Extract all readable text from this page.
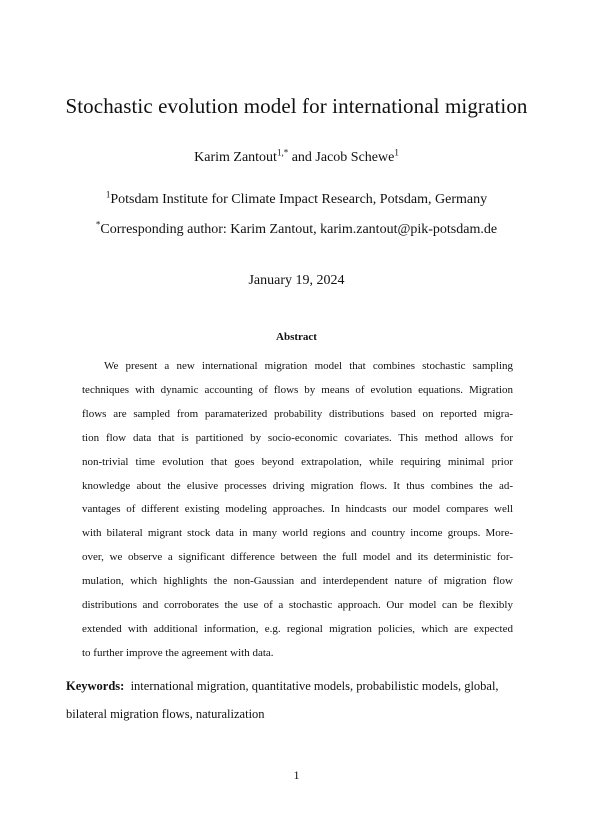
Stochastic evolution model for international migration
Karim Zantout$^{1,*}$ and Jacob Schewe$^1$
$^1$Potsdam Institute for Climate Impact Research, Potsdam, Germany
*Corresponding author: Karim Zantout, karim.zantout@pik-potsdam.de
January 19, 2024
Abstract
We present a new international migration model that combines stochastic sampling
techniques with dynamic accounting of flows by means of evolution equations. Migration
flows are sampled from paramaterized probability distributions based on reported migra-
tion flow data that is partitioned by socio-economic covariates. This method allows for
non-trivial time evolution that goes beyond extrapolation, while requiring minimal prior
knowledge about the elusive processes driving migration flows. It thus combines the ad-
vantages of different existing modeling approaches. In hindcasts our model compares well
with bilateral migrant stock data in many world regions and country income groups. More-
over, we observe a significant difference between the full model and its deterministic for-
mulation, which highlights the non-Gaussian and interdependent nature of migration flow
distributions and corroborates the use of a stochastic approach. Our model can be flexibly
extended with additional information, e.g. regional migration policies, which are expected
to further improve the agreement with data.
Keywords: international migration, quantitative models, probabilistic models, global,
bilateral migration flows, naturalization
1
